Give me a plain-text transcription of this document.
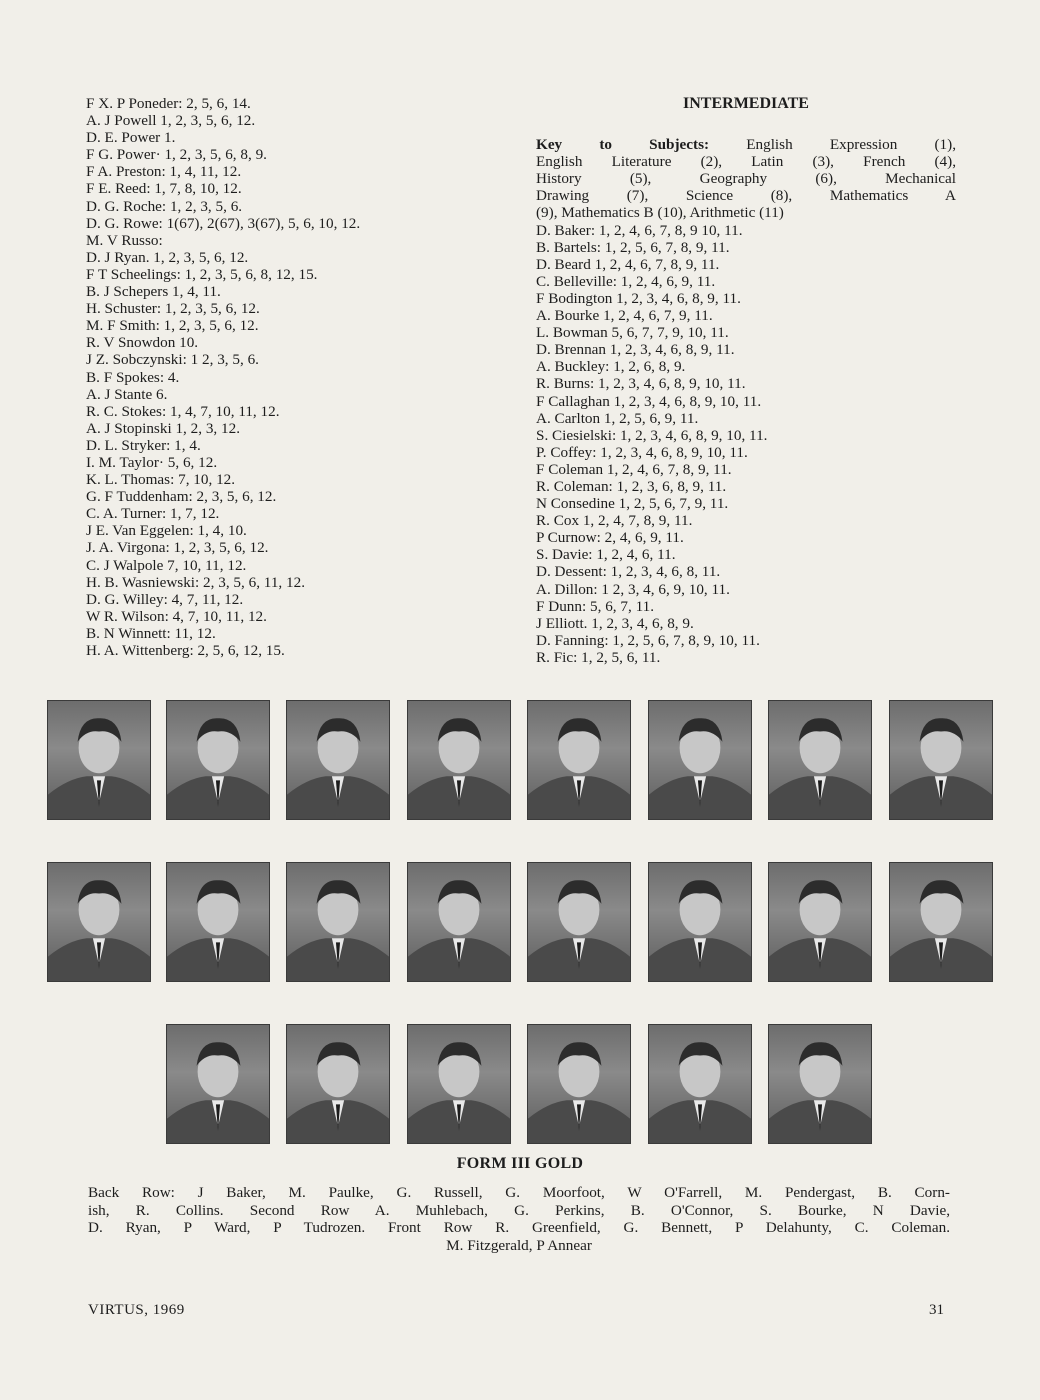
F X. P Poneder: 2, 5, 6, 14.
A. J Powell 1, 2, 3, 5, 6, 12.
D. E. Power 1.
F G. Power· 1, 2, 3, 5, 6, 8, 9.
F A. Preston: 1, 4, 11, 12.
F E. Reed: 1, 7, 8, 10, 12.
D. G. Roche: 1, 2, 3, 5, 6.
D. G. Rowe: 1(67), 2(67), 3(67), 5, 6, 10, 12.
M. V Russo:
D. J Ryan. 1, 2, 3, 5, 6, 12.
F T Scheelings: 1, 2, 3, 5, 6, 8, 12, 15.
B. J Schepers 1, 4, 11.
H. Schuster: 1, 2, 3, 5, 6, 12.
M. F Smith: 1, 2, 3, 5, 6, 12.
R. V Snowdon 10.
J Z. Sobczynski: 1 2, 3, 5, 6.
B. F Spokes: 4.
A. J Stante 6.
R. C. Stokes: 1, 4, 7, 10, 11, 12.
A. J Stopinski 1, 2, 3, 12.
D. L. Stryker: 1, 4.
I. M. Taylor· 5, 6, 12.
K. L. Thomas: 7, 10, 12.
G. F Tuddenham: 2, 3, 5, 6, 12.
C. A. Turner: 1, 7, 12.
J E. Van Eggelen: 1, 4, 10.
J. A. Virgona: 1, 2, 3, 5, 6, 12.
C. J Walpole 7, 10, 11, 12.
H. B. Wasniewski: 2, 3, 5, 6, 11, 12.
D. G. Willey: 4, 7, 11, 12.
W R. Wilson: 4, 7, 10, 11, 12.
B. N Winnett: 11, 12.
H. A. Wittenberg: 2, 5, 6, 12, 15.
INTERMEDIATE
Key to Subjects: English Expression (1),
English Literature (2), Latin (3), French (4),
History (5), Geography (6), Mechanical
Drawing (7), Science (8), Mathematics A
(9), Mathematics B (10), Arithmetic (11)
D. Baker: 1, 2, 4, 6, 7, 8, 9 10, 11.
B. Bartels: 1, 2, 5, 6, 7, 8, 9, 11.
D. Beard 1, 2, 4, 6, 7, 8, 9, 11.
C. Belleville: 1, 2, 4, 6, 9, 11.
F Bodington 1, 2, 3, 4, 6, 8, 9, 11.
A. Bourke 1, 2, 4, 6, 7, 9, 11.
L. Bowman 5, 6, 7, 7, 9, 10, 11.
D. Brennan 1, 2, 3, 4, 6, 8, 9, 11.
A. Buckley: 1, 2, 6, 8, 9.
R. Burns: 1, 2, 3, 4, 6, 8, 9, 10, 11.
F Callaghan 1, 2, 3, 4, 6, 8, 9, 10, 11.
A. Carlton 1, 2, 5, 6, 9, 11.
S. Ciesielski: 1, 2, 3, 4, 6, 8, 9, 10, 11.
P. Coffey: 1, 2, 3, 4, 6, 8, 9, 10, 11.
F Coleman 1, 2, 4, 6, 7, 8, 9, 11.
R. Coleman: 1, 2, 3, 6, 8, 9, 11.
N Consedine 1, 2, 5, 6, 7, 9, 11.
R. Cox 1, 2, 4, 7, 8, 9, 11.
P Curnow: 2, 4, 6, 9, 11.
S. Davie: 1, 2, 4, 6, 11.
D. Dessent: 1, 2, 3, 4, 6, 8, 11.
A. Dillon: 1 2, 3, 4, 6, 9, 10, 11.
F Dunn: 5, 6, 7, 11.
J Elliott. 1, 2, 3, 4, 6, 8, 9.
D. Fanning: 1, 2, 5, 6, 7, 8, 9, 10, 11.
R. Fic: 1, 2, 5, 6, 11.
FORM III GOLD
Back Row: J Baker, M. Paulke, G. Russell, G. Moorfoot, W O'Farrell, M. Pendergast, B. Corn-
ish, R. Collins. Second Row A. Muhlebach, G. Perkins, B. O'Connor, S. Bourke, N Davie,
D. Ryan, P Ward, P Tudrozen. Front Row R. Greenfield, G. Bennett, P Delahunty, C. Coleman.
M. Fitzgerald, P Annear
VIRTUS, 1969	31
